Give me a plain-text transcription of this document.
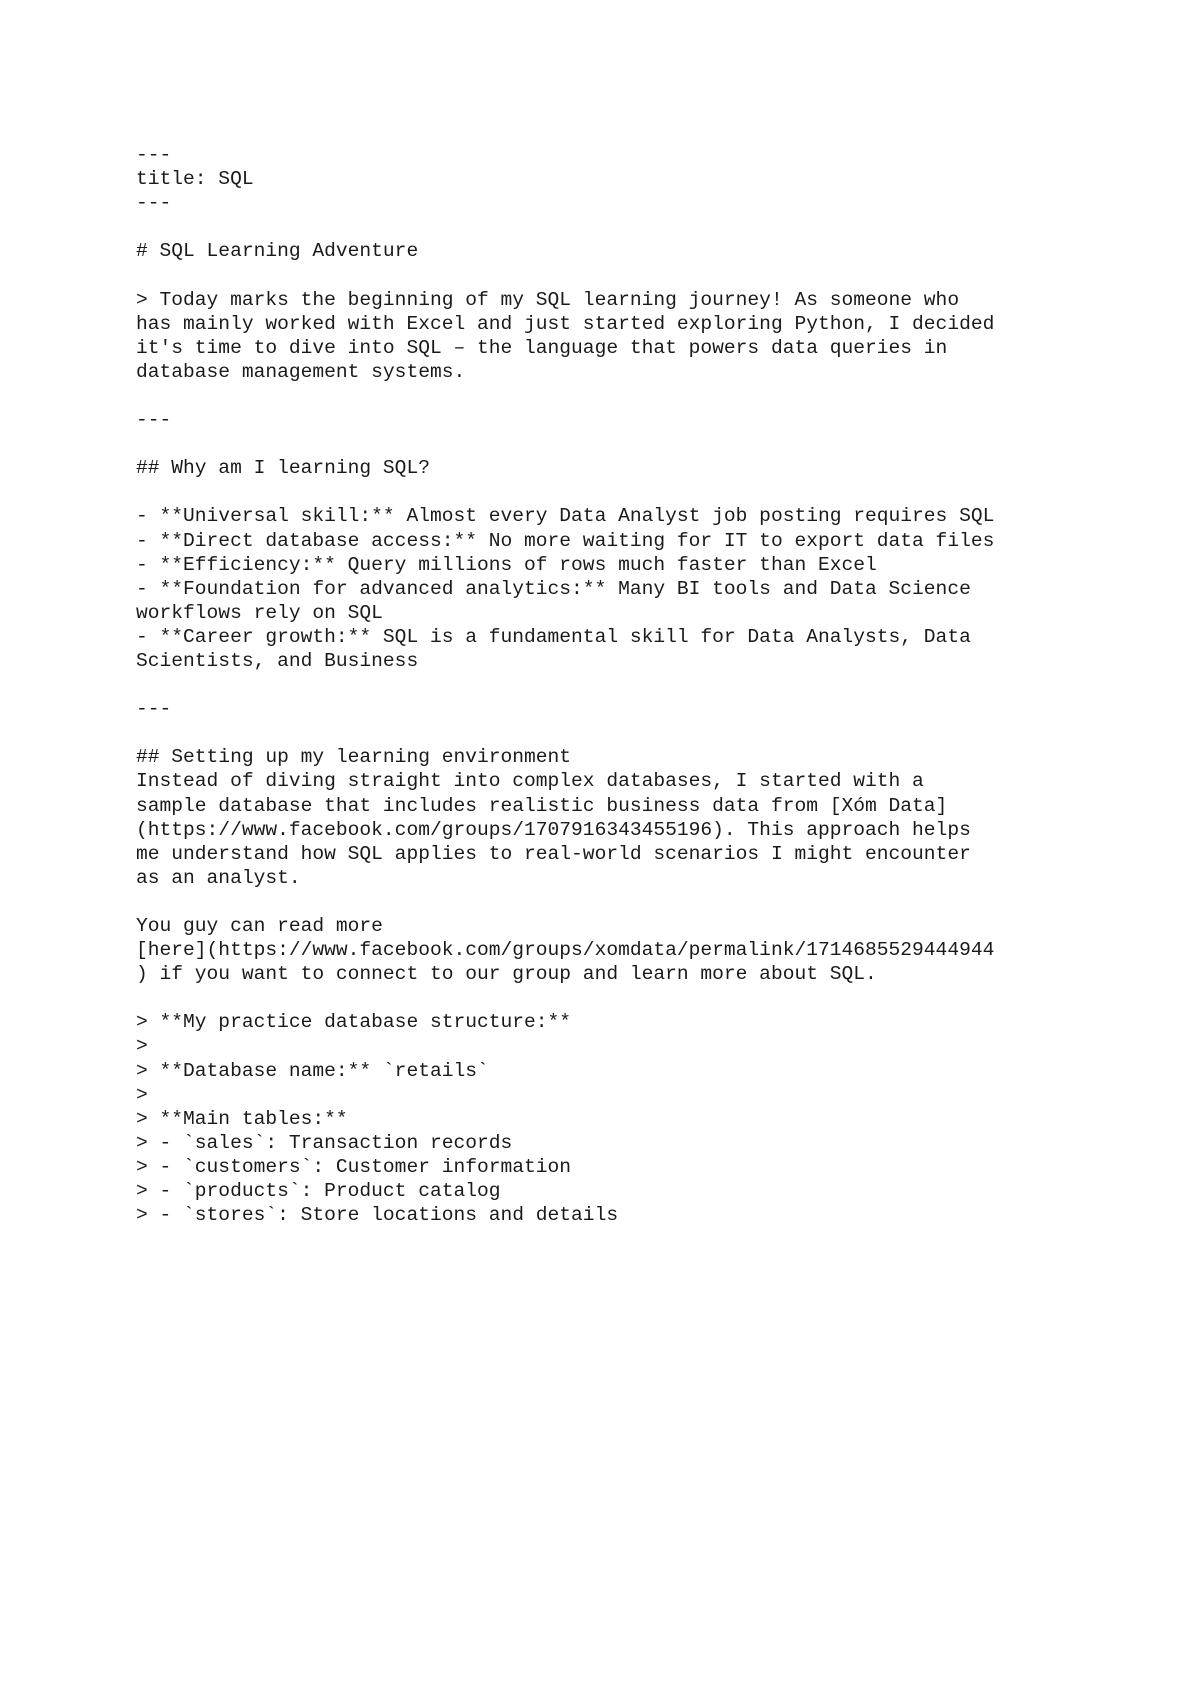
---
title: SQL
---
# SQL Learning Adventure
> Today marks the beginning of my SQL learning journey! As someone who
has mainly worked with Excel and just started exploring Python, I decided
it's time to dive into SQL – the language that powers data queries in
database management systems.
---
## Why am I learning SQL?
- **Universal skill:** Almost every Data Analyst job posting requires SQL
- **Direct database access:** No more waiting for IT to export data files
- **Efficiency:** Query millions of rows much faster than Excel
- **Foundation for advanced analytics:** Many BI tools and Data Science
workflows rely on SQL
- **Career growth:** SQL is a fundamental skill for Data Analysts, Data
Scientists, and Business
---
## Setting up my learning environment
Instead of diving straight into complex databases, I started with a
sample database that includes realistic business data from [Xóm Data]
(https://www.facebook.com/groups/1707916343455196). This approach helps
me understand how SQL applies to real-world scenarios I might encounter
as an analyst.
You guy can read more
[here](https://www.facebook.com/groups/xomdata/permalink/1714685529444944
) if you want to connect to our group and learn more about SQL.
> **My practice database structure:**
>
> **Database name:** `retails`
>
> **Main tables:**
> - `sales`: Transaction records
> - `customers`: Customer information
> - `products`: Product catalog
> - `stores`: Store locations and details
